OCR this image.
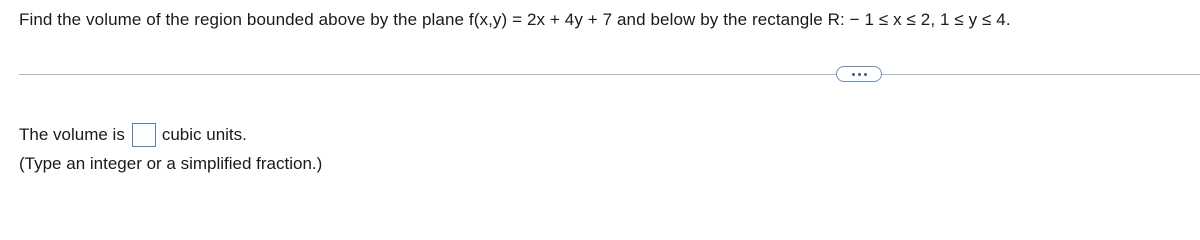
Find the volume of the region bounded above by the plane f(x,y) = 2x + 4y + 7 and below by the rectangle R: − 1 ≤ x ≤ 2, 1 ≤ y ≤ 4.
The volume is cubic units.
(Type an integer or a simplified fraction.)
